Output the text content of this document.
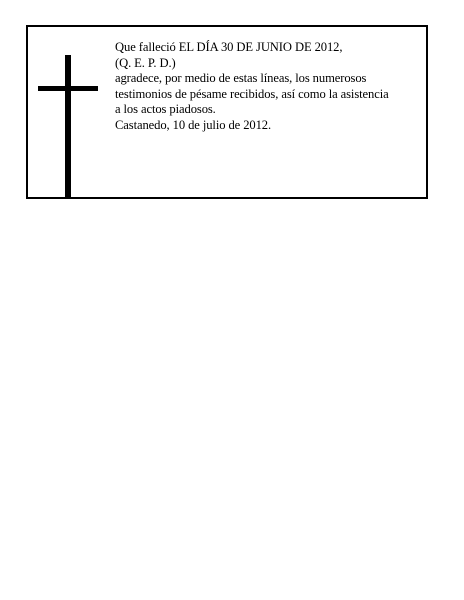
Que falleció EL DÍA 30 DE JUNIO DE 2012,
(Q. E. P. D.)
agradece, por medio de estas líneas, los numerosos
testimonios de pésame recibidos, así como la asistencia
a los actos piadosos.
Castanedo, 10 de julio de 2012.
